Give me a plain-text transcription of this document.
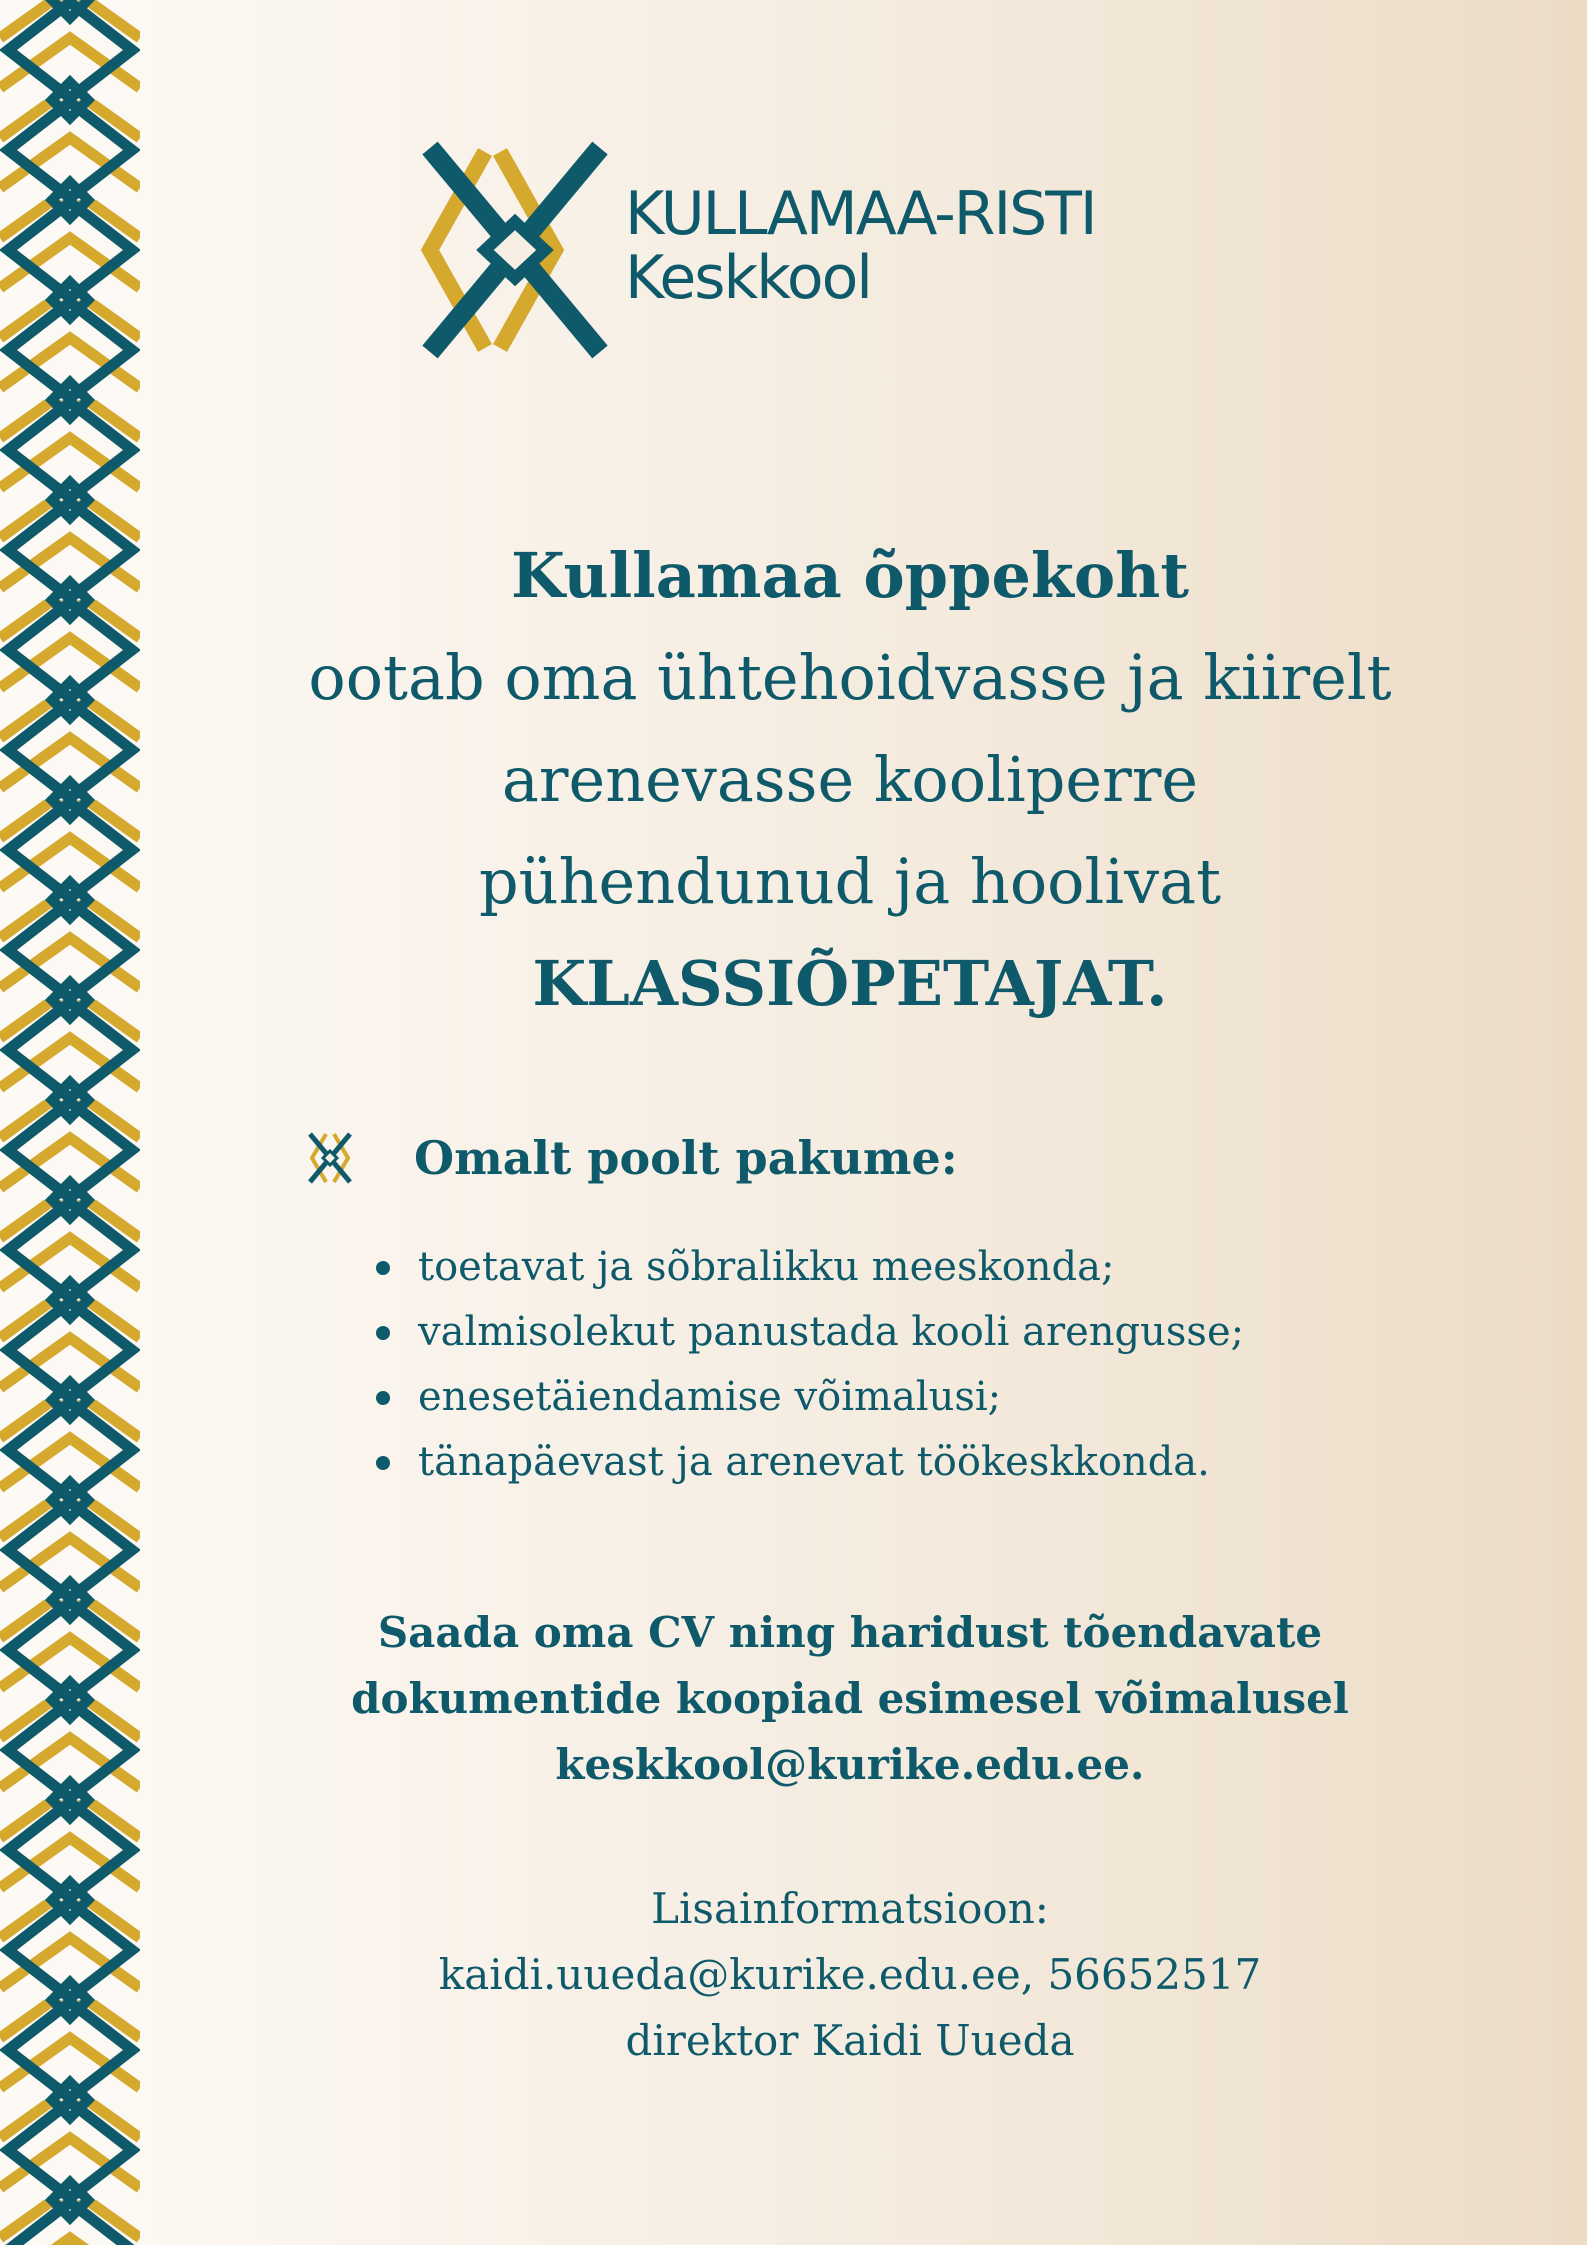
KULLAMAA-RISTI
Keskkool
Kullamaa õppekoht
ootab oma ühtehoidvasse ja kiirelt
arenevasse kooliperre
pühendunud ja hoolivat
KLASSIÕPETAJAT.
Omalt poolt pakume:
toetavat ja sõbralikku meeskonda;
valmisolekut panustada kooli arengusse;
enesetäiendamise võimalusi;
tänapäevast ja arenevat töökeskkonda.
Saada oma CV ning haridust tõendavate
dokumentide koopiad esimesel võimalusel
keskkool@kurike.edu.ee.
Lisainformatsioon:
kaidi.uueda@kurike.edu.ee, 56652517
direktor Kaidi Uueda
